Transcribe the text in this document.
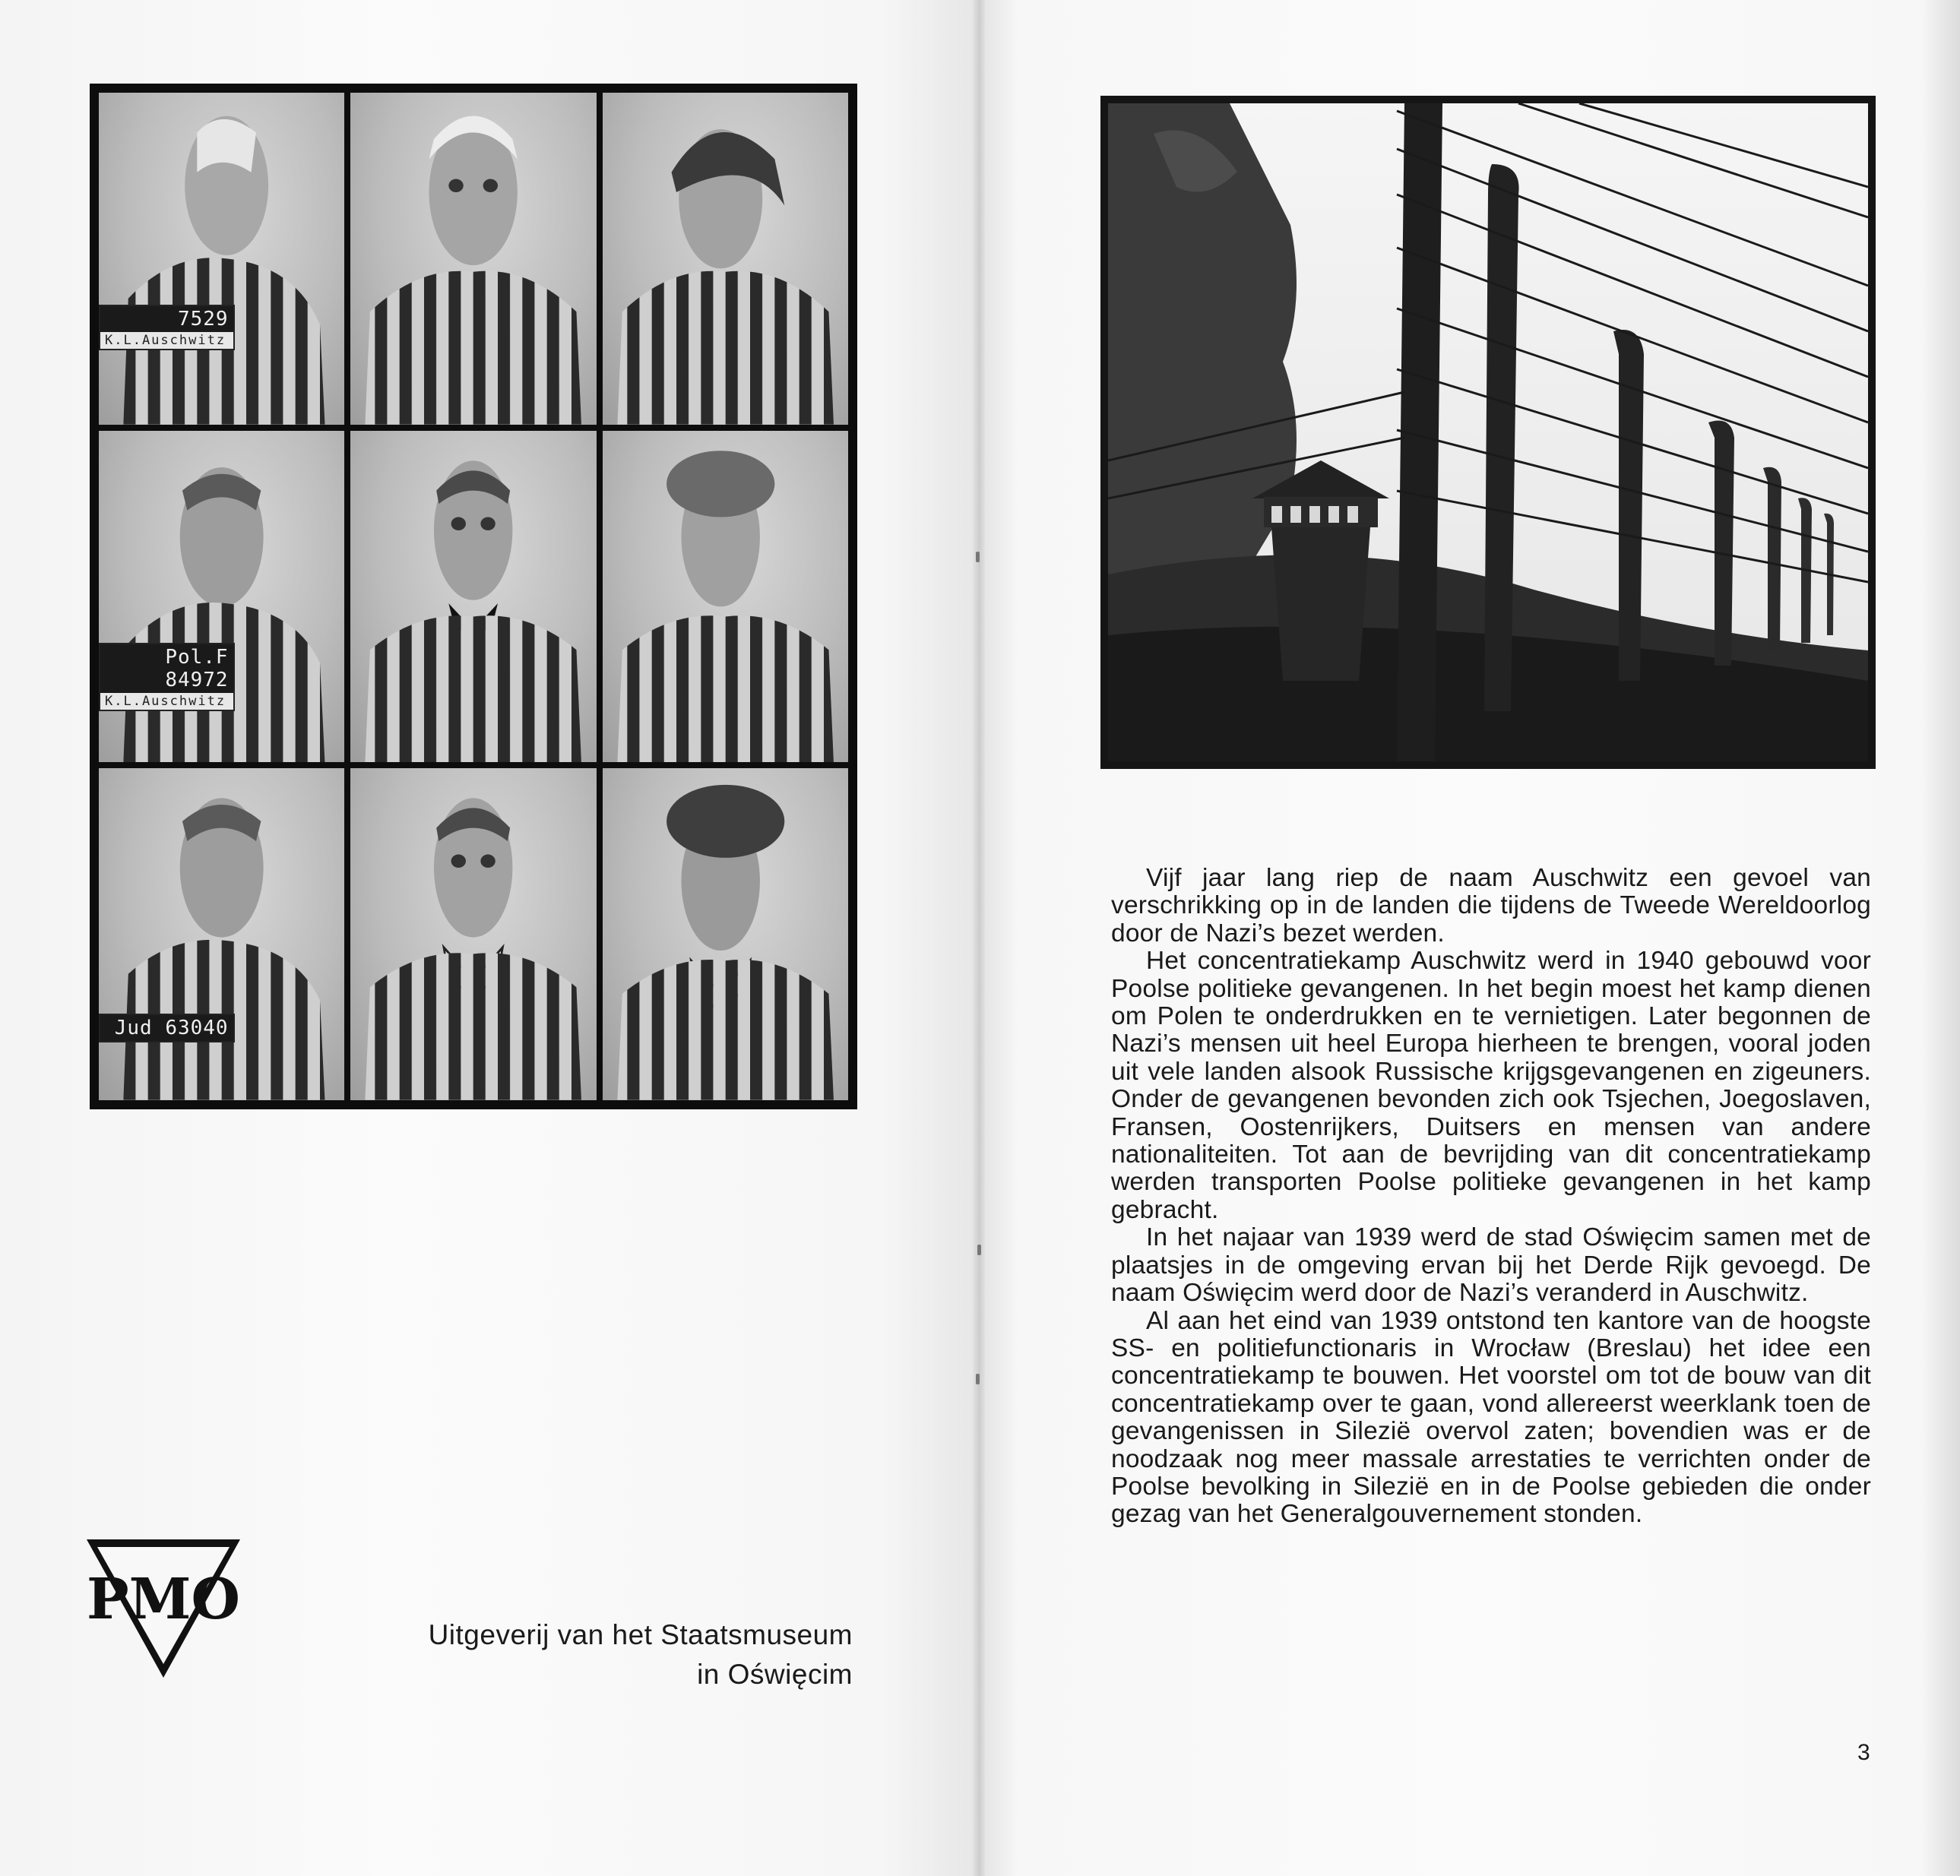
7529
K.L.Auschwitz
Pol.F 84972
K.L.Auschwitz
Jud 63040
PMO
Uitgeverij van het Staatsmuseum
in Oświęcim

Vijf jaar lang riep de naam Auschwitz een gevoel van verschrikking op in de landen die tijdens de Tweede Wereldoorlog door de Nazi’s bezet werden.

Het concentratiekamp Auschwitz werd in 1940 gebouwd voor Poolse politieke gevangenen. In het begin moest het kamp dienen om Polen te onderdrukken en te vernietigen. Later begonnen de Nazi’s mensen uit heel Europa hierheen te brengen, vooral joden uit vele landen alsook Russische krijgsgevangenen en zigeuners. Onder de gevangenen bevonden zich ook Tsjechen, Joegoslaven, Fransen, Oostenrijkers, Duitsers en mensen van andere nationaliteiten. Tot aan de bevrijding van dit concentratiekamp werden transporten Poolse politieke gevangenen in het kamp gebracht.

In het najaar van 1939 werd de stad Oświęcim samen met de plaatsjes in de omgeving ervan bij het Derde Rijk gevoegd. De naam Oświęcim werd door de Nazi’s veranderd in Auschwitz.

Al aan het eind van 1939 ontstond ten kantore van de hoogste SS- en politiefunctionaris in Wrocław (Breslau) het idee een concentratiekamp te bouwen. Het voorstel om tot de bouw van dit concentratiekamp over te gaan, vond allereerst weerklank toen de gevangenissen in Silezië overvol zaten; bovendien was er de noodzaak nog meer massale arrestaties te verrichten onder de Poolse bevolking in Silezië en in de Poolse gebieden die onder gezag van het Generalgouvernement stonden.

3
